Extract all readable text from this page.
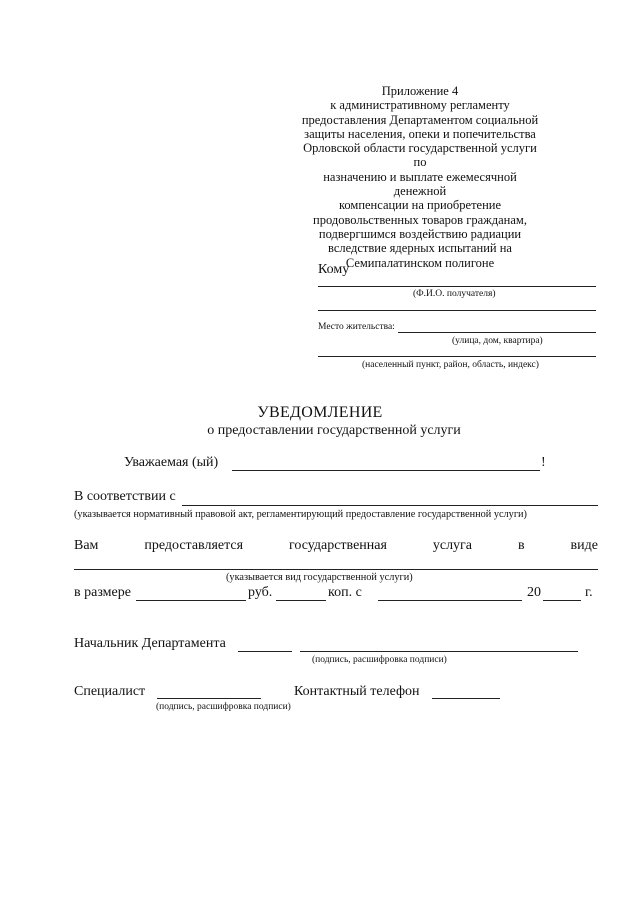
Приложение 4
к административному регламенту
предоставления Департаментом социальной
защиты населения, опеки и попечительства
Орловской области государственной услуги по
назначению и выплате ежемесячной денежной
компенсации на приобретение
продовольственных товаров гражданам,
подвергшимся воздействию радиации
вследствие ядерных испытаний на
Семипалатинском полигоне
Кому
(Ф.И.О. получателя)
Место жительства:
(улица, дом, квартира)
(населенный пункт, район, область, индекс)
УВЕДОМЛЕНИЕ
о предоставлении государственной услуги
Уважаемая (ый)	!
В соответствии с
(указывается нормативный правовой акт, регламентирующий предоставление государственной услуги)
Вам	предоставляется	государственная	услуга	в	виде
(указывается вид государственной услуги)
в размере	руб.	коп. с	20	г.
Начальник Департамента
(подпись, расшифровка подписи)
Специалист	Контактный телефон
(подпись, расшифровка подписи)
